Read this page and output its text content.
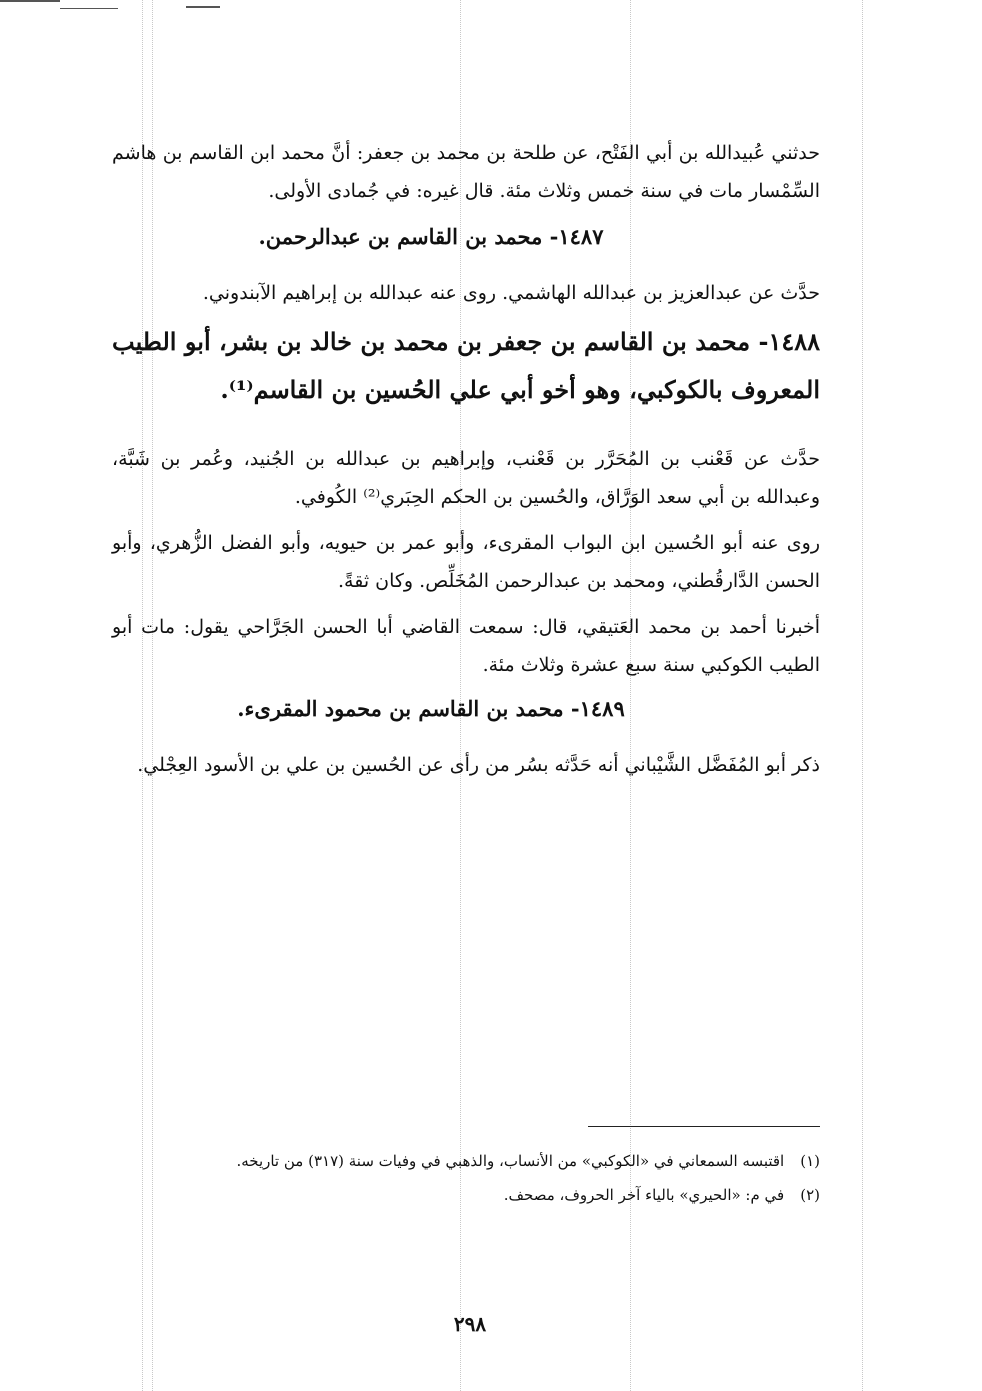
حدثني عُبيدالله بن أبي الفَتْح، عن طلحة بن محمد بن جعفر: أنَّ محمد ابن القاسم بن هاشم السِّمْسار مات في سنة خمس وثلاث مئة. قال غيره: في جُمادى الأولى.

١٤٨٧- محمد بن القاسم بن عبدالرحمن.

حدَّث عن عبدالعزيز بن عبدالله الهاشمي. روى عنه عبدالله بن إبراهيم الآبندوني.

١٤٨٨- محمد بن القاسم بن جعفر بن محمد بن خالد بن بشر، أبو الطيب المعروف بالكوكبي، وهو أخو أبي علي الحُسين بن القاسم⁽¹⁾.

حدَّث عن قَعْنب بن المُحَرَّر بن قَعْنب، وإبراهيم بن عبدالله بن الجُنيد، وعُمر بن شَبَّة، وعبدالله بن أبي سعد الوَرَّاق، والحُسين بن الحكم الحِبَري⁽²⁾ الكُوفي.

روى عنه أبو الحُسين ابن البواب المقرىء، وأبو عمر بن حيويه، وأبو الفضل الزُّهري، وأبو الحسن الدَّارقُطني، ومحمد بن عبدالرحمن المُخَلِّص. وكان ثقةً.

أخبرنا أحمد بن محمد العَتيقي، قال: سمعت القاضي أبا الحسن الجَرَّاحي يقول: مات أبو الطيب الكوكبي سنة سبع عشرة وثلاث مئة.

١٤٨٩- محمد بن القاسم بن محمود المقرىء.

ذكر أبو المُفَضَّل الشَّيْباني أنه حَدَّثه بسُر من رأى عن الحُسين بن علي بن الأسود العِجْلي.

(١)اقتبسه السمعاني في «الكوكبي» من الأنساب، والذهبي في وفيات سنة (٣١٧) من تاريخه.

(٢)في م: «الحيري» بالياء آخر الحروف، مصحف.

٢٩٨
